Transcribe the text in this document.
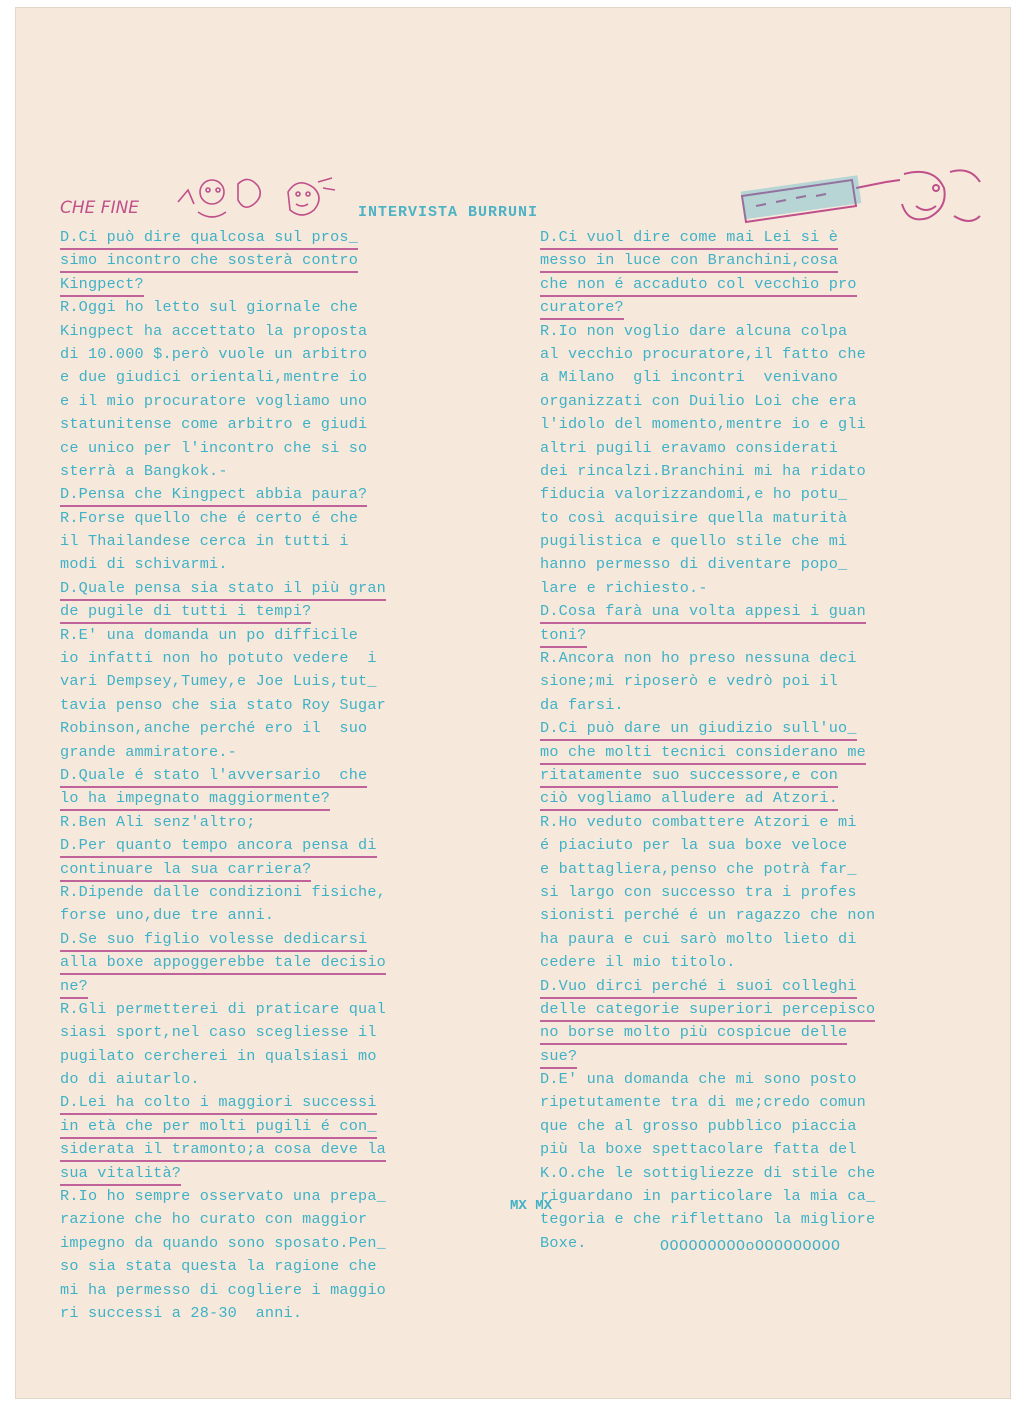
CHE FINE	INTERVISTA BURRUNI
D.Ci può dire qualcosa sul pros_
simo incontro che sosterà contro
Kingpect?
R.Oggi ho letto sul giornale che
Kingpect ha accettato la proposta
di 10.000 $.però vuole un arbitro
e due giudici orientali,mentre io
e il mio procuratore vogliamo uno
statunitense come arbitro e giudi
ce unico per l'incontro che si so
sterrà a Bangkok.-
D.Pensa che Kingpect abbia paura?
R.Forse quello che é certo é che
il Thailandese cerca in tutti i
modi di schivarmi.
D.Quale pensa sia stato il più gran
de pugile di tutti i tempi?
R.E' una domanda un po difficile
io infatti non ho potuto vedere  i
vari Dempsey,Tumey,e Joe Luis,tut_
tavia penso che sia stato Roy Sugar
Robinson,anche perché ero il  suo
grande ammiratore.-
D.Quale é stato l'avversario  che
lo ha impegnato maggiormente?
R.Ben Ali senz'altro;
D.Per quanto tempo ancora pensa di
continuare la sua carriera?
R.Dipende dalle condizioni fisiche,
forse uno,due tre anni.
D.Se suo figlio volesse dedicarsi
alla boxe appoggerebbe tale decisio
ne?
R.Gli permetterei di praticare qual
siasi sport,nel caso scegliesse il
pugilato cercherei in qualsiasi mo
do di aiutarlo.
D.Lei ha colto i maggiori successi
in età che per molti pugili é con_
siderata il tramonto;a cosa deve la
sua vitalità?
R.Io ho sempre osservato una prepa_
razione che ho curato con maggior
impegno da quando sono sposato.Pen_
so sia stata questa la ragione che
mi ha permesso di cogliere i maggio
ri successi a 28-30  anni.
D.Ci vuol dire come mai Lei si è
messo in luce con Branchini,cosa
che non é accaduto col vecchio pro
curatore?
R.Io non voglio dare alcuna colpa
al vecchio procuratore,il fatto che
a Milano  gli incontri  venivano
organizzati con Duilio Loi che era
l'idolo del momento,mentre io e gli
altri pugili eravamo considerati
dei rincalzi.Branchini mi ha ridato
fiducia valorizzandomi,e ho potu_
to così acquisire quella maturità
pugilistica e quello stile che mi
hanno permesso di diventare popo_
lare e richiesto.-
D.Cosa farà una volta appesi i guan
toni?
R.Ancora non ho preso nessuna deci
sione;mi riposerò e vedrò poi il
da farsi.
D.Ci può dare un giudizio sull'uo_
mo che molti tecnici considerano me
ritatamente suo successore,e con
ciò vogliamo alludere ad Atzori.
R.Ho veduto combattere Atzori e mi
é piaciuto per la sua boxe veloce
e battagliera,penso che potrà far_
si largo con successo tra i profes
sionisti perché é un ragazzo che non
ha paura e cui sarò molto lieto di
cedere il mio titolo.
D.Vuo dirci perché i suoi colleghi
delle categorie superiori percepisco
no borse molto più cospicue delle
sue?
D.E' una domanda che mi sono posto
ripetutamente tra di me;credo comun
que che al grosso pubblico piaccia
più la boxe spettacolare fatta del
K.O.che le sottigliezze di stile che
riguardano in particolare la mia ca_
tegoria e che riflettano la migliore
Boxe.
MX MX
OOOOOOOOOoOOOOOOOOO
